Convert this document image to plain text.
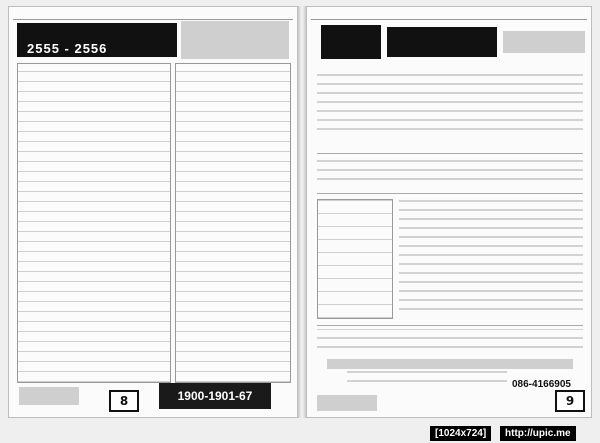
2555 - 2556
1900-1901-67
8
086-4166905
9
[1024x724]	http://upic.me
